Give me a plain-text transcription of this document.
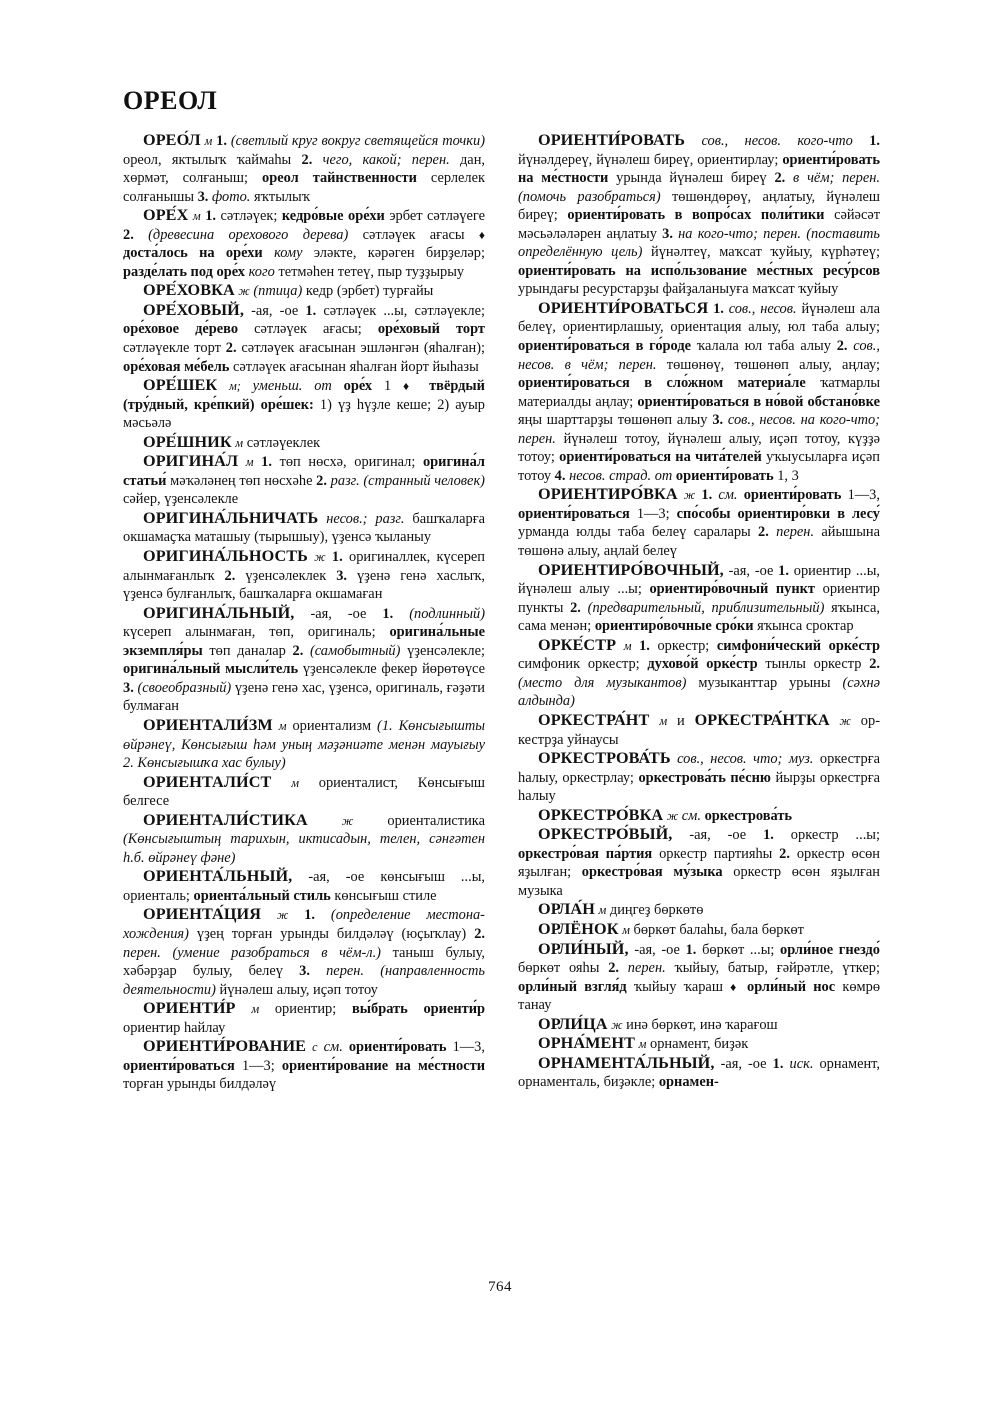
ОРЕОЛ

ОРЕО́Л м 1. (светлый круг вокруг светящейся точки) ореол, яктылыҡ ҡаймаһы 2. чего, какой; перен. дан, хөрмәт, солғаныш; ореол тайнственности серлелек солғанышы 3. фото. яҡтылыҡ

ОРЕ́Х м 1. сәтләүек; кедро́вые оре́хи эрбет сәтләүеге 2. (древесина орехового дерева) сәтләүек ағасы ♦ доста́лось на оре́хи кому эләкте, кәрәген бирҙеләр; разде́лать под оре́х кого тетмәһен тетеү, пыр туҙҙырыу

ОРЕ́ХОВКА ж (птица) кедр (эрбет) турғайы

ОРЕ́ХОВЫЙ, -ая, -ое 1. сәтләүек ...ы, сәтләүекле; оре́ховое де́рево сәтләүек ағасы; оре́ховый торт сәтләүекле торт 2. сәтләүек ағасынан эшләнгән (яһалған); оре́ховая ме́бель сәтләүек ағасынан яһалған йорт йыһазы

ОРЕ́ШЕК м; уменьш. от оре́х 1 ♦ твёрдый (тру́дный, кре́пкий) оре́шек: 1) үҙ һүҙле кеше; 2) ауыр мәсьәлә

ОРЕ́ШНИК м сәтләүеклек

ОРИГИНА́Л м 1. төп нөсхә, оригинал; оригина́л статьи́ мәҡәләнең төп нөсхәһе 2. разг. (странный человек) сәйер, үҙенсәлекле

ОРИГИНА́ЛЬНИЧАТЬ несов.; разг. башҡаларға окшамаҫҡа маташыу (тырышыу), үҙенсә ҡыланыу

ОРИГИНА́ЛЬНОСТЬ ж 1. оригиналлек, күсереп алынмағанлыҡ 2. үҙенсәлеклек 3. үҙенә генә хаслыҡ, үҙенсә булғанлыҡ, башҡаларға окшамаған

ОРИГИНА́ЛЬНЫЙ, -ая, -ое 1. (подлинный) күсереп алынмаған, төп, оригиналь; оригина́льные экземпля́ры төп даналар 2. (самобытный) үҙенсәлекле; оригина́льный мысли́тель үҙенсәлекле фекер йөрөтөүсе 3. (своеобразный) үҙенә генә хас, үҙенсә, оригиналь, ғәҙәти булмаған

ОРИЕНТАЛИ́ЗМ м ориентализм (1. Көнсығышты өйрәнеү, Көнсығыш һәм уның мәҙәниәте менән мауығыу 2. Көнсығышҡа хас булыу)

ОРИЕНТАЛИ́СТ м ориенталист, Көнсығыш белгесе

ОРИЕНТАЛИ́СТИКА	ж ориенталистика (Көнсығыштың тарихын, иктисадын, телен, сәнғәтен һ.б. өйрәнеү фәне)

ОРИЕНТА́ЛЬНЫЙ, -ая, -ое көнсығыш ...ы, ориенталь; ориента́льный стиль көнсығыш стиле

ОРИЕНТА́ЦИЯ ж 1. (определение местонахождения) үҙең торған урынды билдәләү (юҫыҡлау) 2. перен. (умение разобраться в чём-л.) таныш булыу, хәбәрҙар булыу, белеү 3. перен. (направленность деятельности) йүнәлеш алыу, иҫәп тотоу

ОРИЕНТИ́Р м ориентир; вы́брать ориенти́р ориентир һайлау

ОРИЕНТИ́РОВАНИЕ с см. ориенти́ровать 1—3, ориенти́роваться 1—3; ориенти́рование на ме́стности торған урынды билдәләү

ОРИЕНТИ́РОВАТЬ сов., несов. кого-что 1. йүнәлдереү, йүнәлеш биреү, ориентирлау; ориенти́ровать на ме́стности урында йүнәлеш биреү 2. в чём; перен. (помочь разобраться) төшөндөрөү, аңлатыу, йүнәлеш биреү; ориенти́ровать в вопро́сах поли́тики сәйәсәт мәсьәләләрен аңлатыу 3. на кого-что; перен. (поставить определённую цель) йүнәлтеү, маҡсат ҡуйыу, күрһәтеү; ориенти́ровать на испо́льзование ме́стных ресу́рсов урындағы ресурстарҙы файҙаланыуға маҡсат ҡуйыу

ОРИЕНТИ́РОВАТЬСЯ 1. сов., несов. йүнәлеш ала белеү, ориентирлашыу, ориентация алыу, юл таба алыу; ориенти́роваться в го́роде ҡалала юл таба алыу 2. сов., несов. в чём; перен. төшөнөү, төшөнөп алыу, аңлау; ориенти́роваться в сло́жном материа́ле ҡатмарлы материалды аңлау; ориенти́роваться в но́вой обстано́вке яңы шарттарҙы төшөнөп алыу 3. сов., несов. на кого-что; перен. йүнәлеш тотоу, йүнәлеш алыу, иҫәп тотоу, күҙҙә тотоу; ориенти́роваться на чита́телей уҡыусыларға иҫәп тотоу 4. несов. страд. от ориенти́ровать 1, 3

ОРИЕНТИРО́ВКА ж 1. см. ориенти́ровать 1—3, ориенти́роваться 1—3; спо́собы ориентиро́вки в лесу́ урманда юлды таба белеү саралары 2. перен. айышына төшөнә алыу, аңлай белеү

ОРИЕНТИРО́ВОЧНЫЙ, -ая, -ое 1. ориентир ...ы, йүнәлеш алыу ...ы; ориентиро́вочный пункт ориентир пункты 2. (предварительный, приблизительный) яҡынса, сама менән; ориентиро́вочные сро́ки яҡынса сроктар

ОРКЕ́СТР м 1. оркестр; симфони́ческий орке́стр симфоник оркестр; духово́й орке́стр тынлы оркестр 2. (место для музыкантов) музыканттар урыны (сәхнә алдында)

ОРКЕСТРА́НТ м и ОРКЕСТРА́НТКА ж оркестрҙа уйнаусы

ОРКЕСТРОВА́ТЬ сов., несов. что; муз. оркестрға һалыу, оркестрлау; оркестрова́ть пе́сню йырҙы оркестрға һалыу

ОРКЕСТРО́ВКА ж см. оркестрова́ть

ОРКЕСТРО́ВЫЙ, -ая, -ое 1. оркестр ...ы; оркестро́вая па́ртия оркестр партияһы 2. оркестр өсөн яҙылған; оркестро́вая му́зыка оркестр өсөн яҙылған музыка

ОРЛА́Н м диңгеҙ бөркөтө

ОРЛЁНОК м бөркөт балаһы, бала бөркөт

ОРЛИ́НЫЙ, -ая, -ое 1. бөркөт ...ы; орли́ное гнездо́ бөркөт ояһы 2. перен. ҡыйыу, батыр, ғәйрәтле, үткер; орли́ный взгля́д ҡыйыу ҡараш ♦ орли́ный нос көмрө танау

ОРЛИ́ЦА ж инә бөркөт, инә ҡарағош

ОРНА́МЕНТ м орнамент, биҙәк

ОРНАМЕНТА́ЛЬНЫЙ, -ая, -ое 1. иск. орнамент, орнаменталь, биҙәкле; орнамен-

764
